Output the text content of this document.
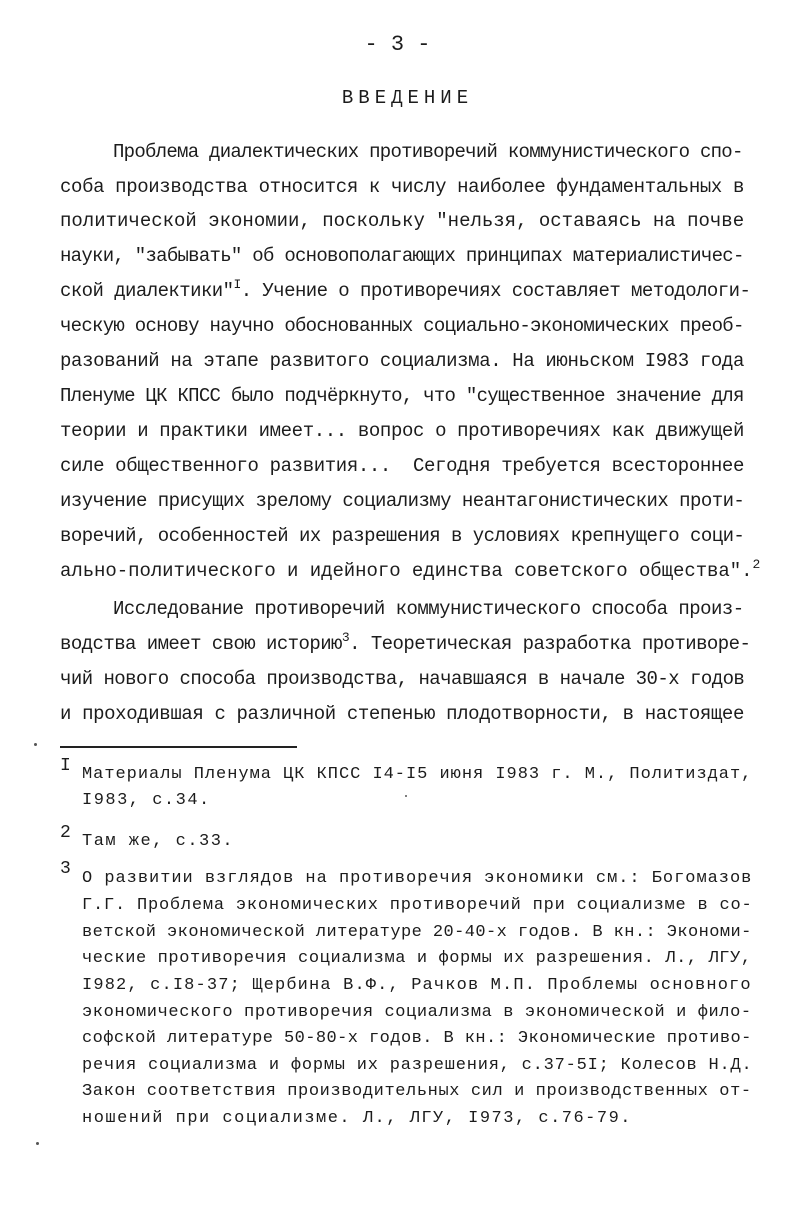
- 3 -
ВВЕДЕНИЕ
Проблема диалектических противоречий коммунистического спо-
соба производства относится к числу наиболее фундаментальных в
политической экономии, поскольку "нельзя, оставаясь на почве
науки, "забывать" об основополагающих принципах материалистичес-
ской диалектики"$^I$. Учение о противоречиях составляет методологи-
ческую основу научно обоснованных социально-экономических преоб-
разований на этапе развитого социализма. На июньском I983 года
Пленуме ЦК КПСС было подчёркнуто, что "существенное значение для
теории и практики имеет... вопрос о противоречиях как движущей
силе общественного развития...  Сегодня требуется всестороннее
изучение присущих зрелому социализму неантагонистических проти-
воречий, особенностей их разрешения в условиях крепнущего соци-
ально-политического и идейного единства советского общества".$^2$
Исследование противоречий коммунистического способа произ-
водства имеет свою историю$^3$. Теоретическая разработка противоре-
чий нового способа производства, начавшаяся в начале 30-х годов
и проходившая с различной степенью плодотворности, в настоящее
I Материалы Пленума ЦК КПСС I4-I5 июня I983 г. М., Политиздат,
I983, с.34.
2 Там же, с.33.
3 О развитии взглядов на противоречия экономики см.: Богомазов
Г.Г. Проблема экономических противоречий при социализме в со-
ветской экономической литературе 20-40-х годов. В кн.: Экономи-
ческие противоречия социализма и формы их разрешения. Л., ЛГУ,
I982, с.I8-37; Щербина В.Ф., Рачков М.П. Проблемы основного
экономического противоречия социализма в экономической и фило-
софской литературе 50-80-х годов. В кн.: Экономические противо-
речия социализма и формы их разрешения, с.37-5I; Колесов Н.Д.
Закон соответствия производительных сил и производственных от-
ношений при социализме. Л., ЛГУ, I973, с.76-79.
